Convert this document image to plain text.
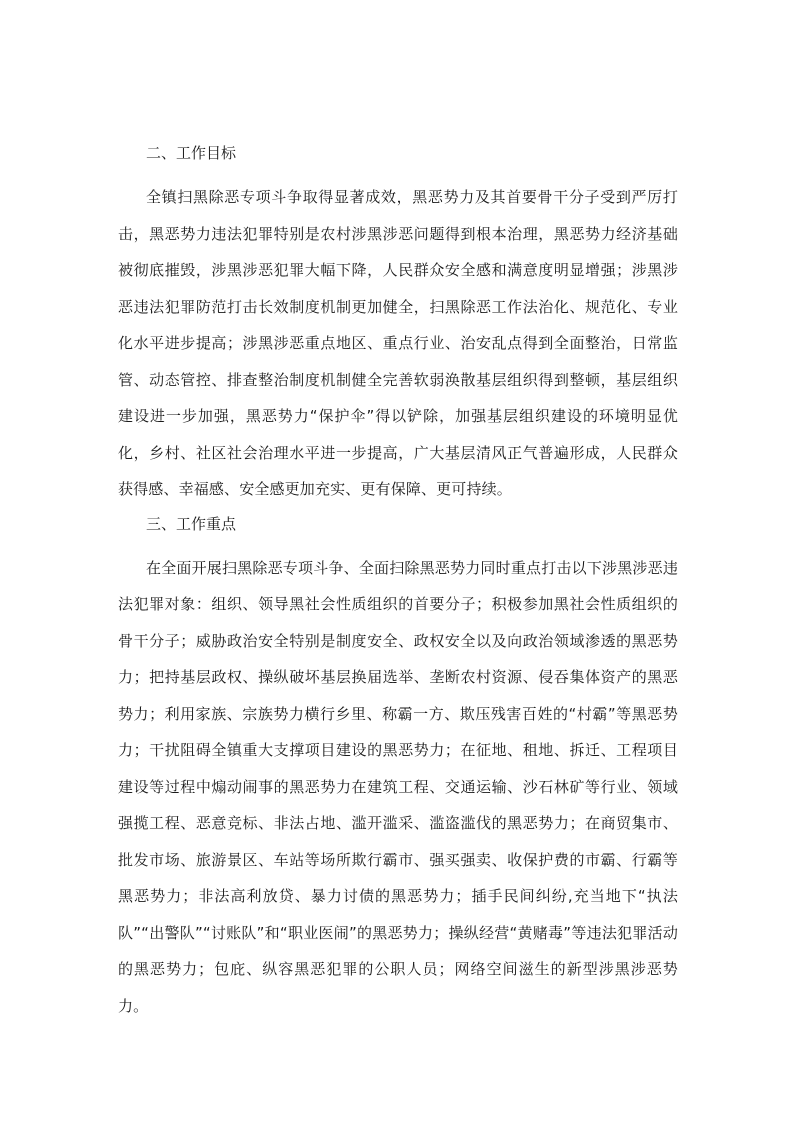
二、工作目标

全镇扫黑除恶专项斗争取得显著成效，黑恶势力及其首要骨干分子受到严厉打击，黑恶势力违法犯罪特别是农村涉黑涉恶问题得到根本治理，黑恶势力经济基础被彻底摧毁，涉黑涉恶犯罪大幅下降，人民群众安全感和满意度明显增强；涉黑涉恶违法犯罪防范打击长效制度机制更加健全，扫黑除恶工作法治化、规范化、专业化水平进步提高；涉黑涉恶重点地区、重点行业、治安乱点得到全面整治，日常监管、动态管控、排查整治制度机制健全完善软弱涣散基层组织得到整顿，基层组织建设进一步加强，黑恶势力“保护伞”得以铲除，加强基层组织建设的环境明显优化，乡村、社区社会治理水平进一步提高，广大基层清风正气普遍形成，人民群众获得感、幸福感、安全感更加充实、更有保障、更可持续。

三、工作重点

在全面开展扫黑除恶专项斗争、全面扫除黑恶势力同时重点打击以下涉黑涉恶违法犯罪对象：组织、领导黑社会性质组织的首要分子；积极参加黑社会性质组织的骨干分子；威胁政治安全特别是制度安全、政权安全以及向政治领域渗透的黑恶势力；把持基层政权、操纵破坏基层换届选举、垄断农村资源、侵吞集体资产的黑恶势力；利用家族、宗族势力横行乡里、称霸一方、欺压残害百姓的“村霸”等黑恶势力；干扰阻碍全镇重大支撑项目建设的黑恶势力；在征地、租地、拆迁、工程项目建设等过程中煽动闹事的黑恶势力在建筑工程、交通运输、沙石林矿等行业、领域强揽工程、恶意竞标、非法占地、滥开滥采、滥盗滥伐的黑恶势力；在商贸集市、批发市场、旅游景区、车站等场所欺行霸市、强买强卖、收保护费的市霸、行霸等黑恶势力；非法高利放贷、暴力讨债的黑恶势力；插手民间纠纷,充当地下“执法队”“出警队”“讨账队”和“职业医闹”的黑恶势力；操纵经营“黄赌毒”等违法犯罪活动的黑恶势力；包庇、纵容黑恶犯罪的公职人员；网络空间滋生的新型涉黑涉恶势力。
